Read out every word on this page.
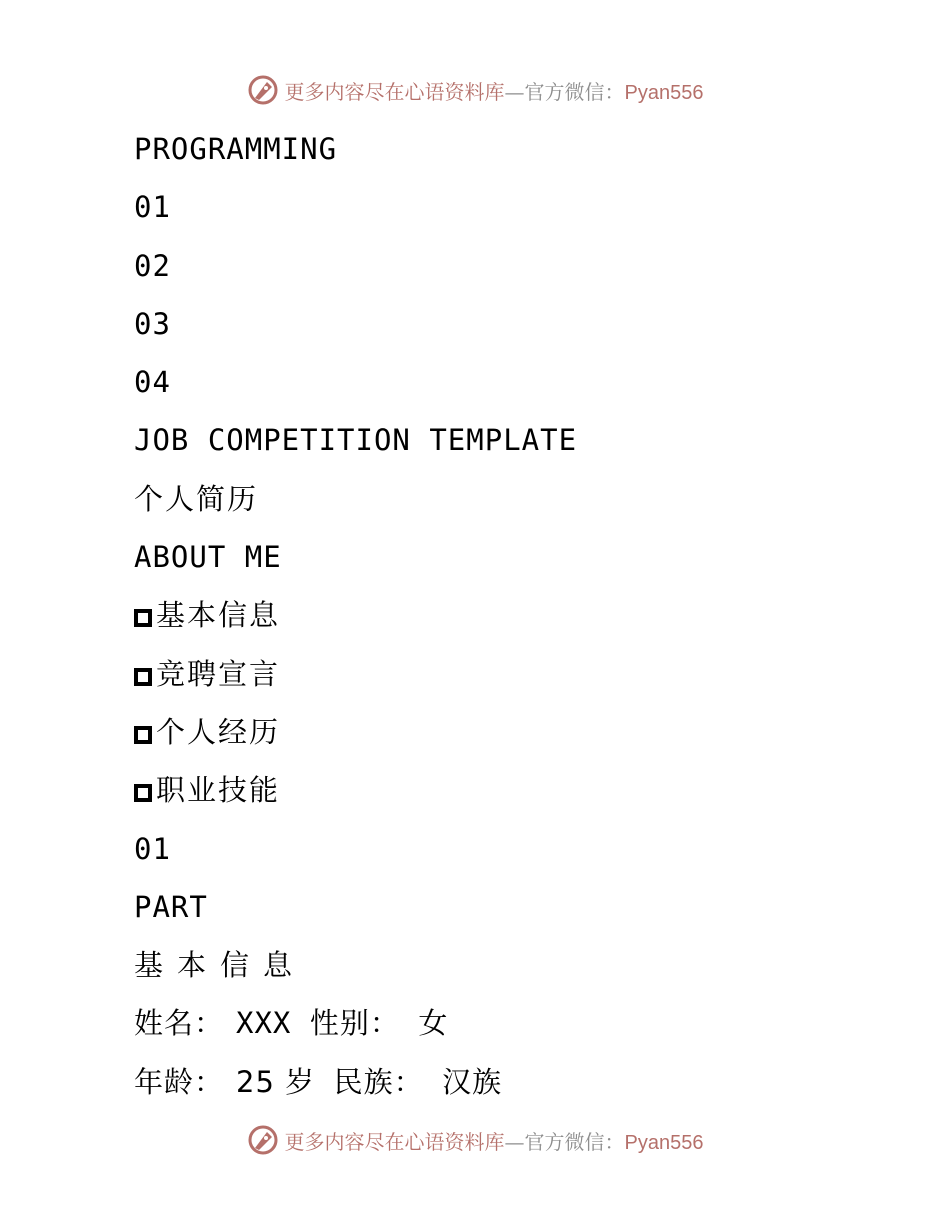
更多内容尽在心语资料库—官方微信：Pyan556
PROGRAMMING
01
02
03
04
JOB COMPETITION TEMPLATE
个人简历
ABOUT ME
基本信息
竞聘宣言
个人经历
职业技能
01
PART
基本信息
姓名： XXX 性别： 女
年龄： 25 岁 民族： 汉族
更多内容尽在心语资料库—官方微信：Pyan556
